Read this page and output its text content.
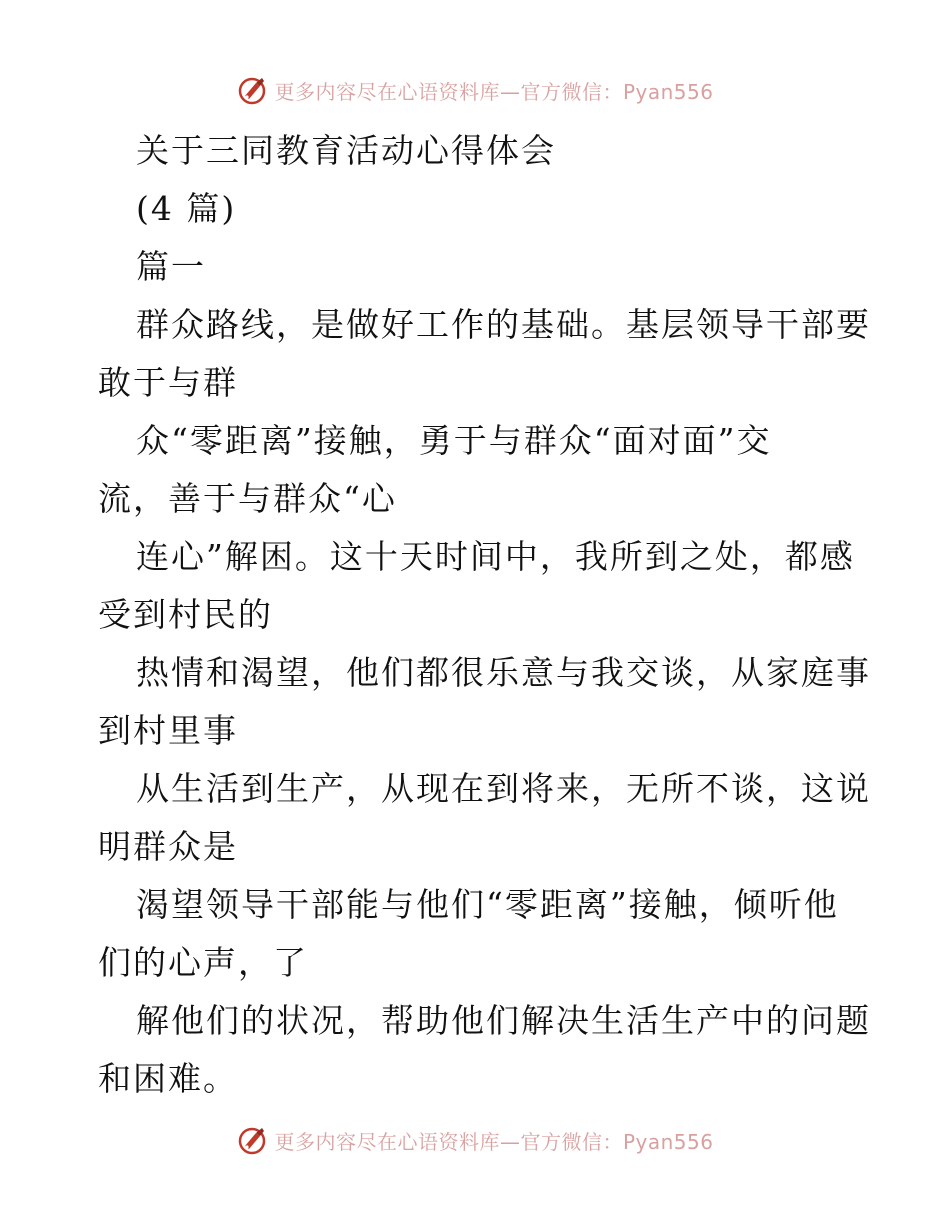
更多内容尽在心语资料库—官方微信：Pyan556
关于三同教育活动心得体会
(4 篇)
篇一
群众路线，是做好工作的基础。基层领导干部要
敢于与群
众“零距离”接触，勇于与群众“面对面”交
流，善于与群众“心
连心”解困。这十天时间中，我所到之处，都感
受到村民的
热情和渴望，他们都很乐意与我交谈，从家庭事
到村里事
从生活到生产，从现在到将来，无所不谈，这说
明群众是
渴望领导干部能与他们“零距离”接触，倾听他
们的心声，了
解他们的状况，帮助他们解决生活生产中的问题
和困难。
更多内容尽在心语资料库—官方微信：Pyan556
